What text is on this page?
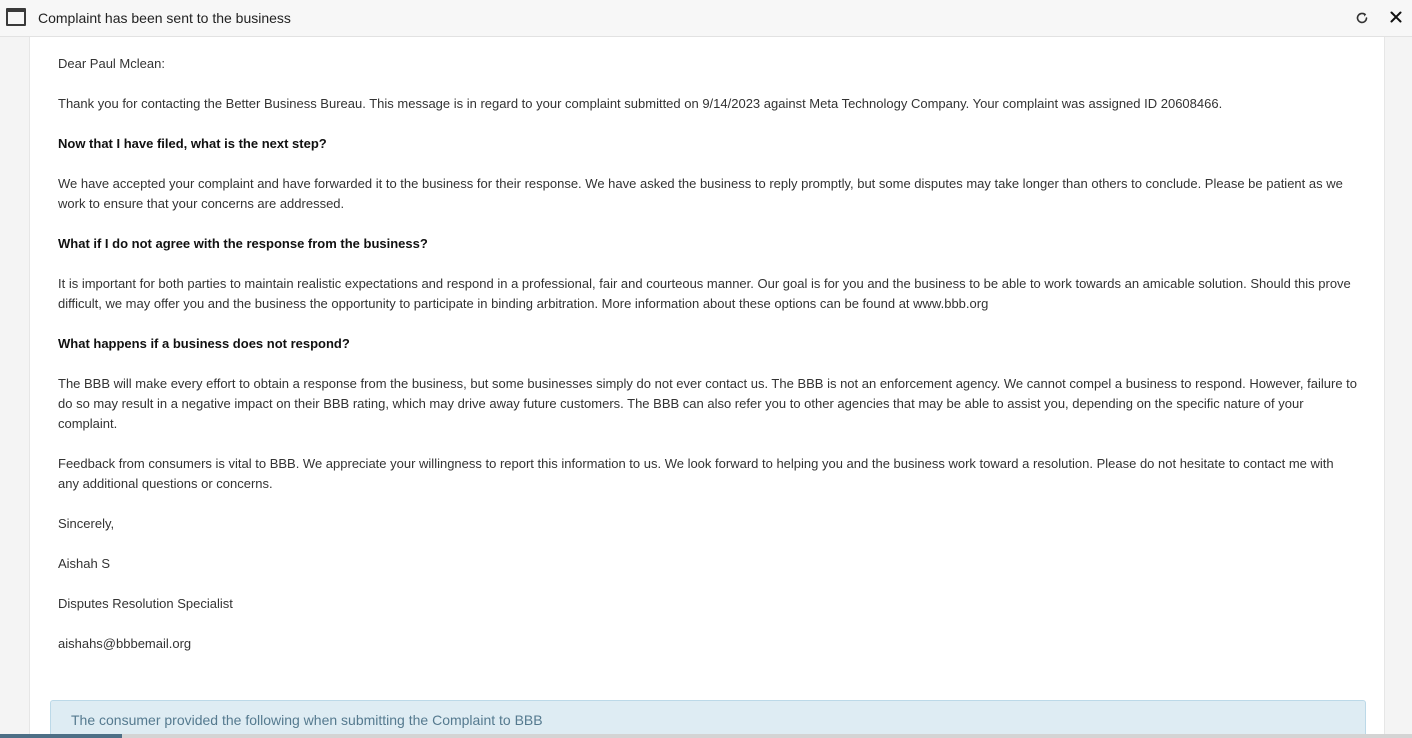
Complaint has been sent to the business

Dear Paul Mclean:

Thank you for contacting the Better Business Bureau. This message is in regard to your complaint submitted on 9/14/2023 against Meta Technology Company. Your complaint was assigned ID 20608466.

Now that I have filed, what is the next step?

We have accepted your complaint and have forwarded it to the business for their response. We have asked the business to reply promptly, but some disputes may take longer than others to conclude. Please be patient as we work to ensure that your concerns are addressed.

What if I do not agree with the response from the business?

It is important for both parties to maintain realistic expectations and respond in a professional, fair and courteous manner. Our goal is for you and the business to be able to work towards an amicable solution. Should this prove difficult, we may offer you and the business the opportunity to participate in binding arbitration. More information about these options can be found at www.bbb.org

What happens if a business does not respond?

The BBB will make every effort to obtain a response from the business, but some businesses simply do not ever contact us. The BBB is not an enforcement agency. We cannot compel a business to respond. However, failure to do so may result in a negative impact on their BBB rating, which may drive away future customers. The BBB can also refer you to other agencies that may be able to assist you, depending on the specific nature of your complaint.

Feedback from consumers is vital to BBB. We appreciate your willingness to report this information to us. We look forward to helping you and the business work toward a resolution. Please do not hesitate to contact me with any additional questions or concerns.

Sincerely,

Aishah S

Disputes Resolution Specialist

aishahs@bbbemail.org

The consumer provided the following when submitting the Complaint to BBB
